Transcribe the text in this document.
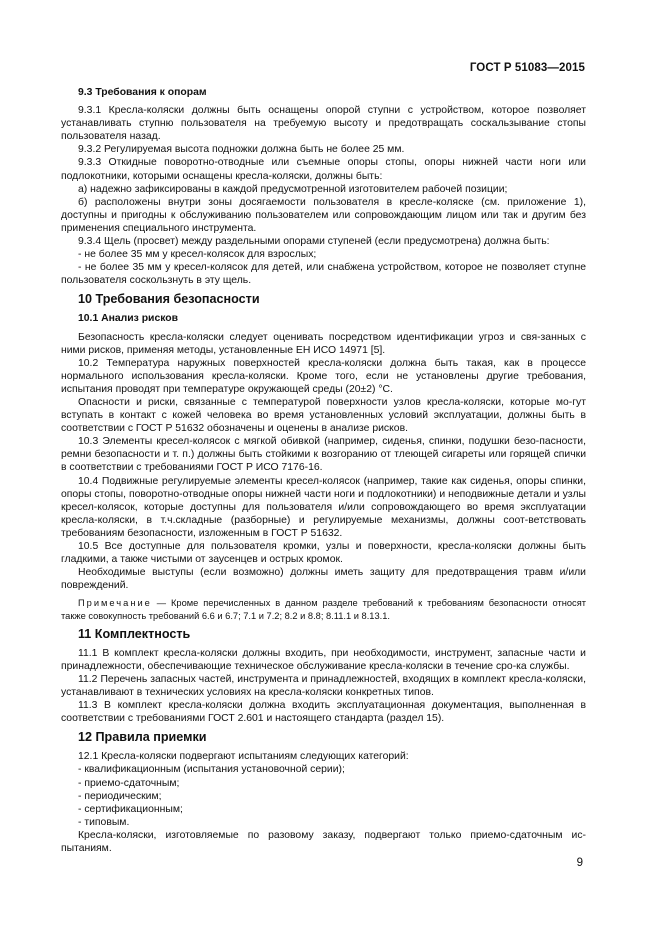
ГОСТ Р 51083—2015
9.3 Требования к опорам

9.3.1 Кресла-коляски должны быть оснащены опорой ступни с устройством, которое позволяет устанавливать ступню пользователя на требуемую высоту и предотвращать соскальзывание стопы пользователя назад.

9.3.2 Регулируемая высота подножки должна быть не более 25 мм.

9.3.3 Откидные поворотно-отводные или съемные опоры стопы, опоры нижней части ноги или подлокотники, которыми оснащены кресла-коляски, должны быть:

а) надежно зафиксированы в каждой предусмотренной изготовителем рабочей позиции;

б) расположены внутри зоны досягаемости пользователя в кресле-коляске (см. приложение 1), доступны и пригодны к обслуживанию пользователем или сопровождающим лицом или так и другим без применения специального инструмента.

9.3.4 Щель (просвет) между раздельными опорами ступеней (если предусмотрена) должна быть:

- не более 35 мм у кресел-колясок для взрослых;

- не более 35 мм у кресел-колясок для детей, или снабжена устройством, которое не позволяет ступне пользователя соскользнуть в эту щель.

10 Требования безопасности
10.1 Анализ рисков

Безопасность кресла-коляски следует оценивать посредством идентификации угроз и свя-занных с ними рисков, применяя методы, установленные ЕН ИСО 14971 [5].

10.2 Температура наружных поверхностей кресла-коляски должна быть такая, как в процессе нормального использования кресла-коляски. Кроме того, если не установлены другие требования, испытания проводят при температуре окружающей среды (20±2) °С.

Опасности и риски, связанные с температурой поверхности узлов кресла-коляски, которые мо-гут вступать в контакт с кожей человека во время установленных условий эксплуатации, должны быть в соответствии с ГОСТ Р 51632 обозначены и оценены в анализе рисков.

10.3 Элементы кресел-колясок с мягкой обивкой (например, сиденья, спинки, подушки безо-пасности, ремни безопасности и т. п.) должны быть стойкими к возгоранию от тлеющей сигареты или горящей спички в соответствии с требованиями ГОСТ Р ИСО 7176-16.

10.4 Подвижные регулируемые элементы кресел-колясок (например, такие как сиденья, опоры спинки, опоры стопы, поворотно-отводные опоры нижней части ноги и подлокотники) и неподвижные детали и узлы кресел-колясок, которые доступны для пользователя и/или сопровождающего во время эксплуатации кресла-коляски, в т.ч.складные (разборные) и регулируемые механизмы, должны соот-ветствовать требованиям безопасности, изложенным в ГОСТ Р 51632.

10.5 Все доступные для пользователя кромки, узлы и поверхности, кресла-коляски должны быть гладкими, а также чистыми от заусенцев и острых кромок.

Необходимые выступы (если возможно) должны иметь защиту для предотвращения травм и/или повреждений.

Примечание — Кроме перечисленных в данном разделе требований к требованиям безопасности относят также совокупность требований 6.6 и 6.7; 7.1 и 7.2; 8.2 и 8.8; 8.11.1 и 8.13.1.

11 Комплектность

11.1 В комплект кресла-коляски должны входить, при необходимости, инструмент, запасные части и принадлежности, обеспечивающие техническое обслуживание кресла-коляски в течение сро-ка службы.

11.2 Перечень запасных частей, инструмента и принадлежностей, входящих в комплект кресла-коляски, устанавливают в технических условиях на кресла-коляски конкретных типов.

11.3 В комплект кресла-коляски должна входить эксплуатационная документация, выполненная в соответствии с требованиями ГОСТ 2.601 и настоящего стандарта (раздел 15).

12 Правила приемки

12.1 Кресла-коляски подвергают испытаниям следующих категорий:

- квалификационным (испытания установочной серии);
- приемо-сдаточным;
- периодическим;
- сертификационным;
- типовым.

Кресла-коляски, изготовляемые по разовому заказу, подвергают только приемо-сдаточным ис-пытаниям.

9
